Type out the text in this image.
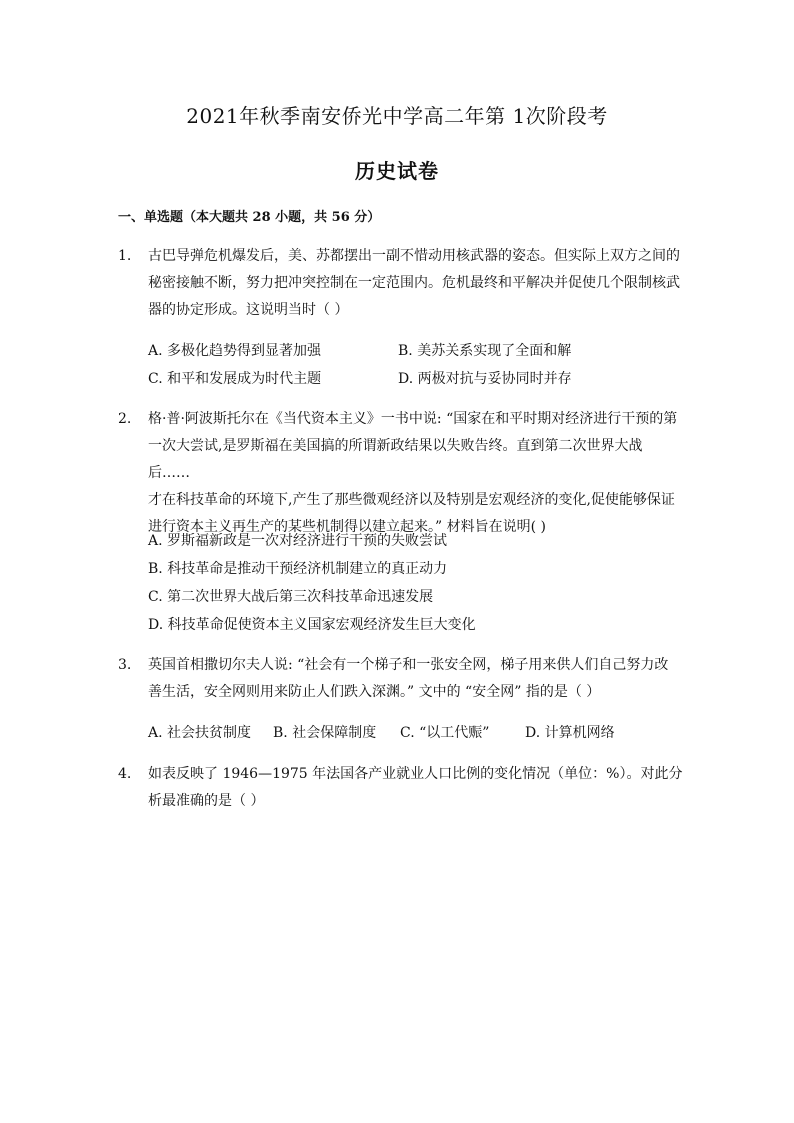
2021年秋季南安侨光中学高二年第 1次阶段考
历史试卷
一、单选题（本大题共 28 小题，共 56 分）
1.	古巴导弹危机爆发后，美、苏都摆出一副不惜动用核武器的姿态。但实际上双方之间的
秘密接触不断，努力把冲突控制在一定范围内。危机最终和平解决并促使几个限制核武
器的协定形成。这说明当时（ ）
A. 多极化趋势得到显著加强	B. 美苏关系实现了全面和解
C. 和平和发展成为时代主题	D. 两极对抗与妥协同时并存
2.	格·普·阿波斯托尔在《当代资本主义》一书中说: “国家在和平时期对经济进行干预的第
一次大尝试,是罗斯福在美国搞的所谓新政结果以失败告终。直到第二次世界大战后……
才在科技革命的环境下,产生了那些微观经济以及特别是宏观经济的变化,促使能够保证
进行资本主义再生产的某些机制得以建立起来。” 材料旨在说明( )
A. 罗斯福新政是一次对经济进行干预的失败尝试
B. 科技革命是推动干预经济机制建立的真正动力
C. 第二次世界大战后第三次科技革命迅速发展
D. 科技革命促使资本主义国家宏观经济发生巨大变化
3.	英国首相撒切尔夫人说: “社会有一个梯子和一张安全网，梯子用来供人们自己努力改
善生活，安全网则用来防止人们跌入深渊。” 文中的 “安全网” 指的是（ ）
A. 社会扶贫制度 B. 社会保障制度 C. “以工代赈”	D. 计算机网络
4.	如表反映了 1946—1975 年法国各产业就业人口比例的变化情况（单位：%）。对此分
析最准确的是（ ）
